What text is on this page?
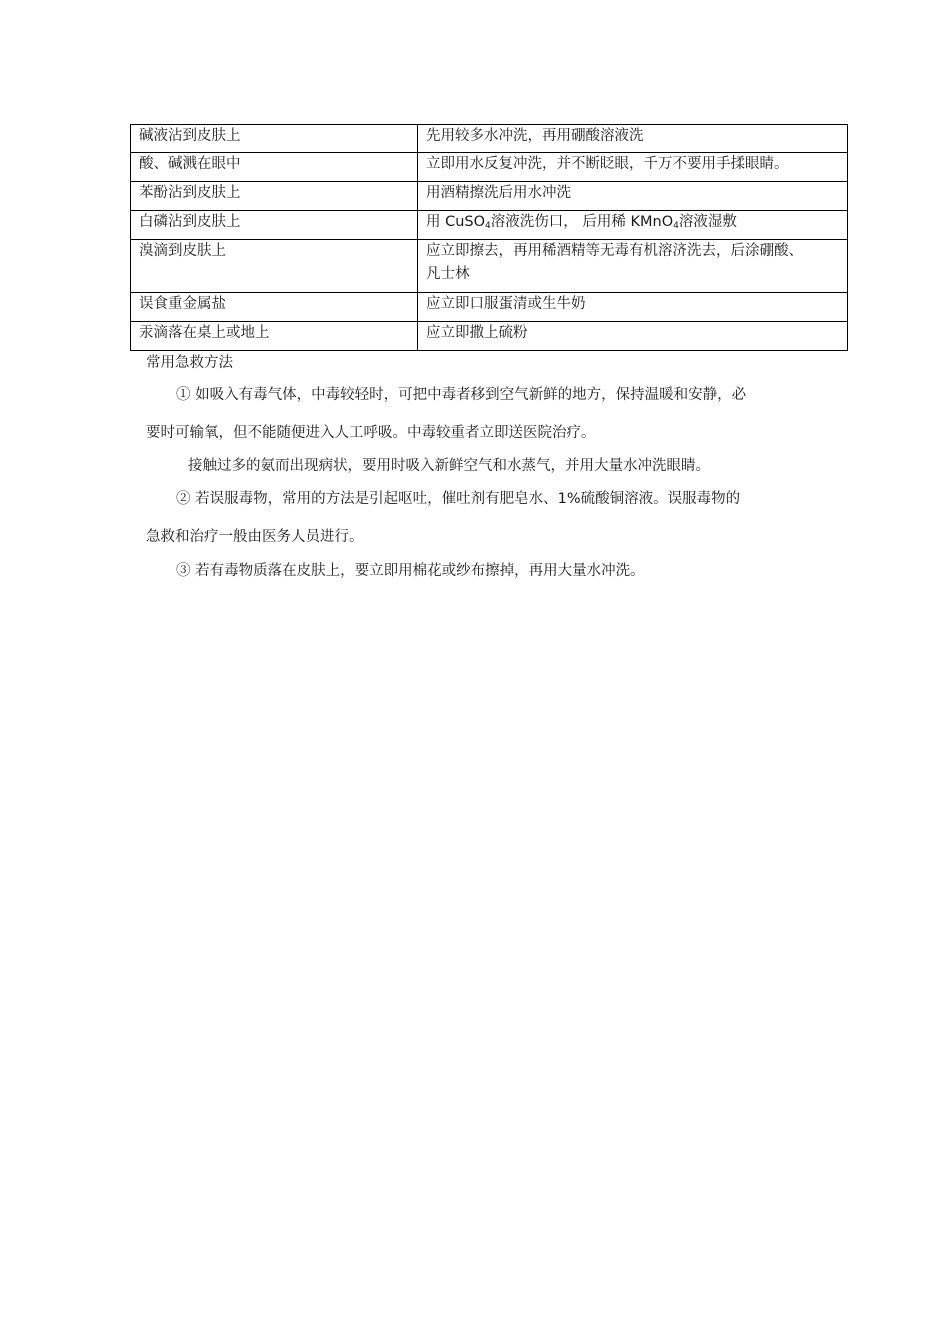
碱液沾到皮肤上	先用较多水冲洗，再用硼酸溶液洗
酸、碱溅在眼中	立即用水反复冲洗，并不断眨眼，千万不要用手揉眼睛。
苯酚沾到皮肤上	用酒精擦洗后用水冲洗
白磷沾到皮肤上	用 CuSO$_4$溶液洗伤口， 后用稀 KMnO$_4$溶液湿敷
溴滴到皮肤上	应立即擦去，再用稀酒精等无毒有机溶济洗去，后涂硼酸、
凡士林

误食重金属盐	应立即口服蛋清或生牛奶
汞滴落在桌上或地上	应立即撒上硫粉
常用急救方法
① 如吸入有毒气体，中毒较轻时，可把中毒者移到空气新鲜的地方，保持温暖和安静，必
要时可输氧，但不能随便进入人工呼吸。中毒较重者立即送医院治疗。
接触过多的氨而出现病状，要用时吸入新鲜空气和水蒸气，并用大量水冲洗眼睛。
② 若误服毒物，常用的方法是引起呕吐，催吐剂有肥皂水、1%硫酸铜溶液。误服毒物的
急救和治疗一般由医务人员进行。
③ 若有毒物质落在皮肤上，要立即用棉花或纱布擦掉，再用大量水冲洗。
